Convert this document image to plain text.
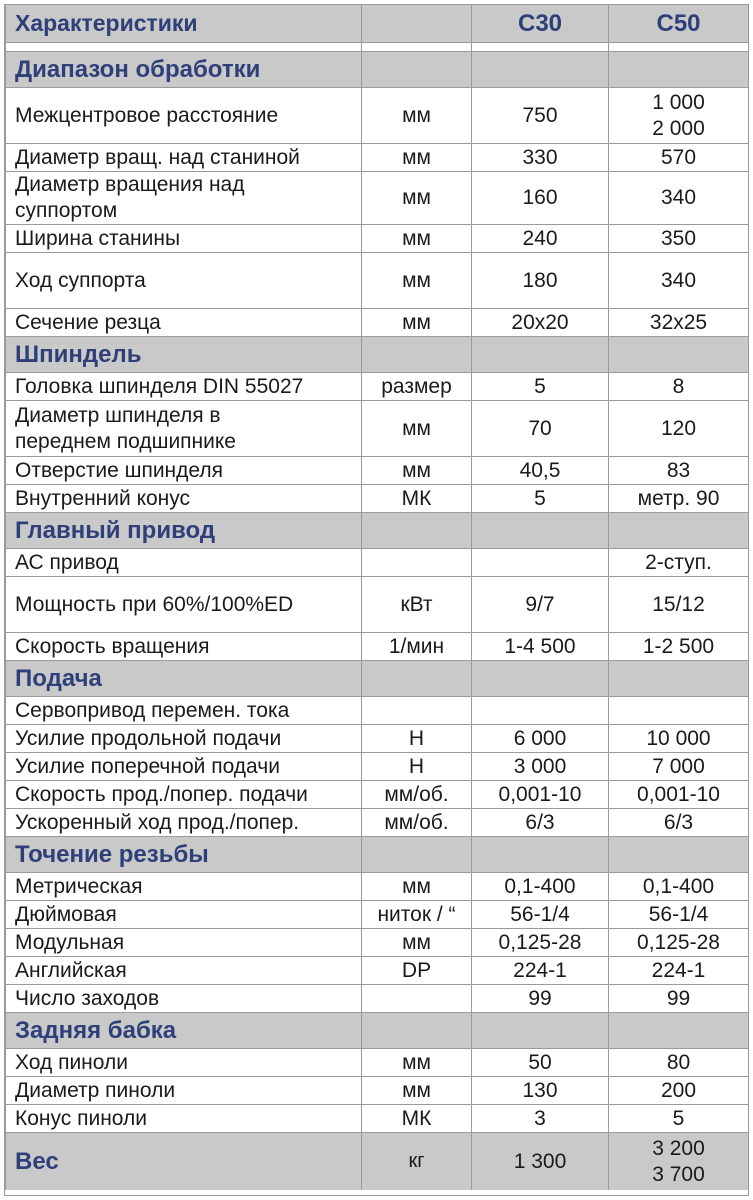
Характеристики		C30	C50

Диапазон обработки			
Межцентровое расстояние	мм	750	1 000
2 000
Диаметр вращ. над станиной	мм	330	570
Диаметр вращения над
суппортом	мм	160	340
Ширина станины	мм	240	350
Ход суппорта	мм	180	340
Сечение резца	мм	20x20	32x25
Шпиндель			
Головка шпинделя DIN 55027	размер	5	8
Диаметр шпинделя в
переднем подшипнике	мм	70	120
Отверстие шпинделя	мм	40,5	83
Внутренний конус	МК	5	метр. 90
Главный привод			
АС привод			2-ступ.
Мощность при 60%/100%ED	кВт	9/7	15/12
Скорость вращения	1/мин	1-4 500	1-2 500
Подача			
Сервопривод перемен. тока			
Усилие продольной подачи	Н	6 000	10 000
Усилие поперечной подачи	Н	3 000	7 000
Скорость прод./попер. подачи	мм/об.	0,001-10	0,001-10
Ускоренный ход прод./попер.	мм/об.	6/3	6/3
Точение резьбы			
Метрическая	мм	0,1-400	0,1-400
Дюймовая	ниток / “	56-1/4	56-1/4
Модульная	мм	0,125-28	0,125-28
Английская	DP	224-1	224-1
Число заходов		99	99
Задняя бабка			
Ход пиноли	мм	50	80
Диаметр пиноли	мм	130	200
Конус пиноли	МК	3	5
Вес	кг	1 300	3 200
3 700
